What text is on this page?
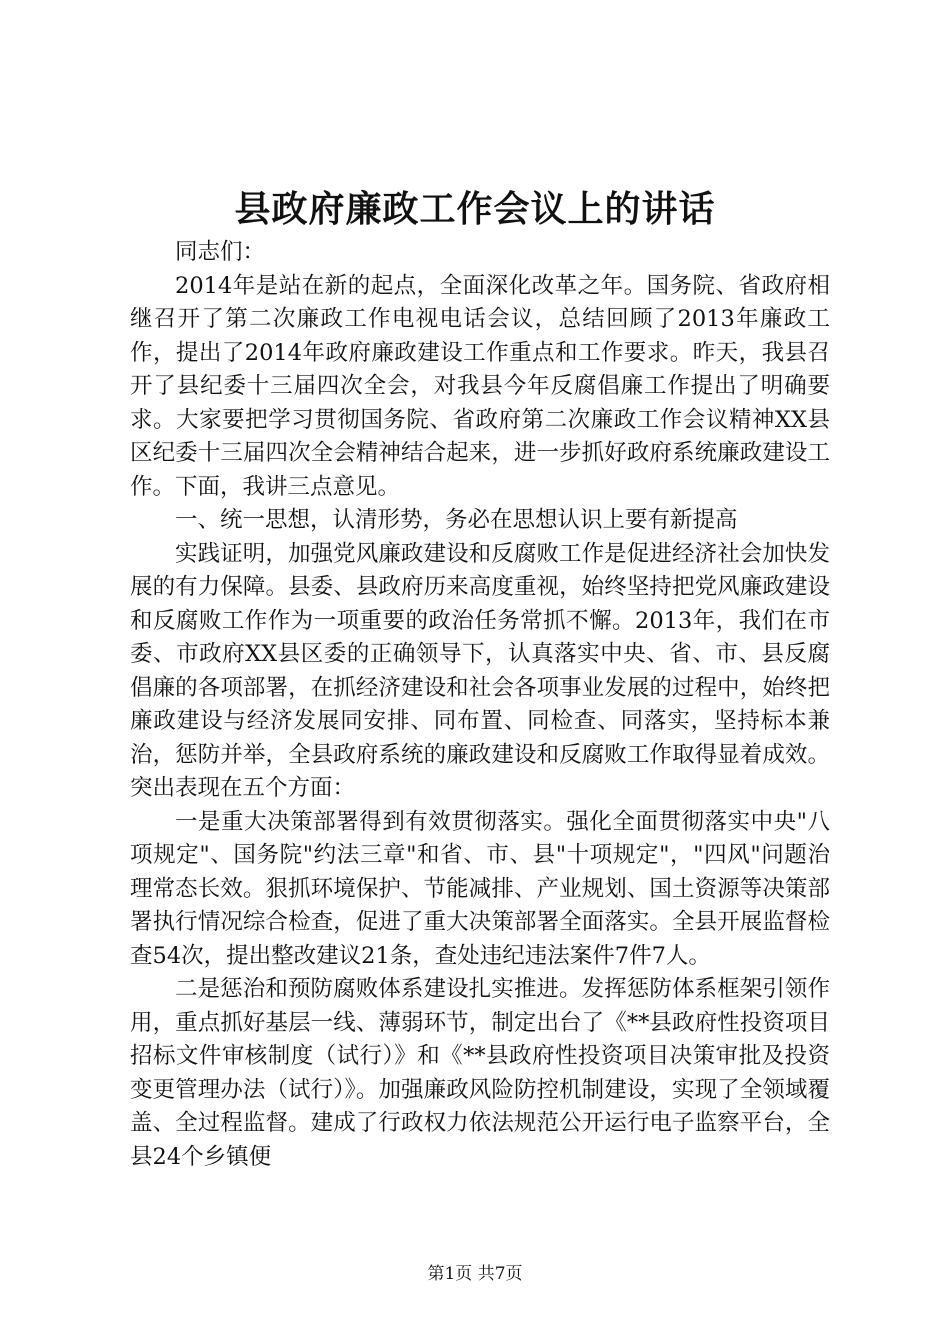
县政府廉政工作会议上的讲话

同志们：

2014年是站在新的起点，全面深化改革之年。国务院、省政府相继召开了第二次廉政工作电视电话会议，总结回顾了2013年廉政工作，提出了2014年政府廉政建设工作重点和工作要求。昨天，我县召开了县纪委十三届四次全会，对我县今年反腐倡廉工作提出了明确要求。大家要把学习贯彻国务院、省政府第二次廉政工作会议精神XX县区纪委十三届四次全会精神结合起来，进一步抓好政府系统廉政建设工作。下面，我讲三点意见。

一、统一思想，认清形势，务必在思想认识上要有新提高

实践证明，加强党风廉政建设和反腐败工作是促进经济社会加快发展的有力保障。县委、县政府历来高度重视，始终坚持把党风廉政建设和反腐败工作作为一项重要的政治任务常抓不懈。2013年，我们在市委、市政府XX县区委的正确领导下，认真落实中央、省、市、县反腐倡廉的各项部署，在抓经济建设和社会各项事业发展的过程中，始终把廉政建设与经济发展同安排、同布置、同检查、同落实，坚持标本兼治，惩防并举，全县政府系统的廉政建设和反腐败工作取得显着成效。突出表现在五个方面：

一是重大决策部署得到有效贯彻落实。强化全面贯彻落实中央"八项规定"、国务院"约法三章"和省、市、县"十项规定"，"四风"问题治理常态长效。狠抓环境保护、节能减排、产业规划、国土资源等决策部署执行情况综合检查，促进了重大决策部署全面落实。全县开展监督检查54次，提出整改建议21条，查处违纪违法案件7件7人。

二是惩治和预防腐败体系建设扎实推进。发挥惩防体系框架引领作用，重点抓好基层一线、薄弱环节，制定出台了《**县政府性投资项目招标文件审核制度（试行）》和《**县政府性投资项目决策审批及投资变更管理办法（试行）》。加强廉政风险防控机制建设，实现了全领域覆盖、全过程监督。建成了行政权力依法规范公开运行电子监察平台，全县24个乡镇便

第1页 共7页
